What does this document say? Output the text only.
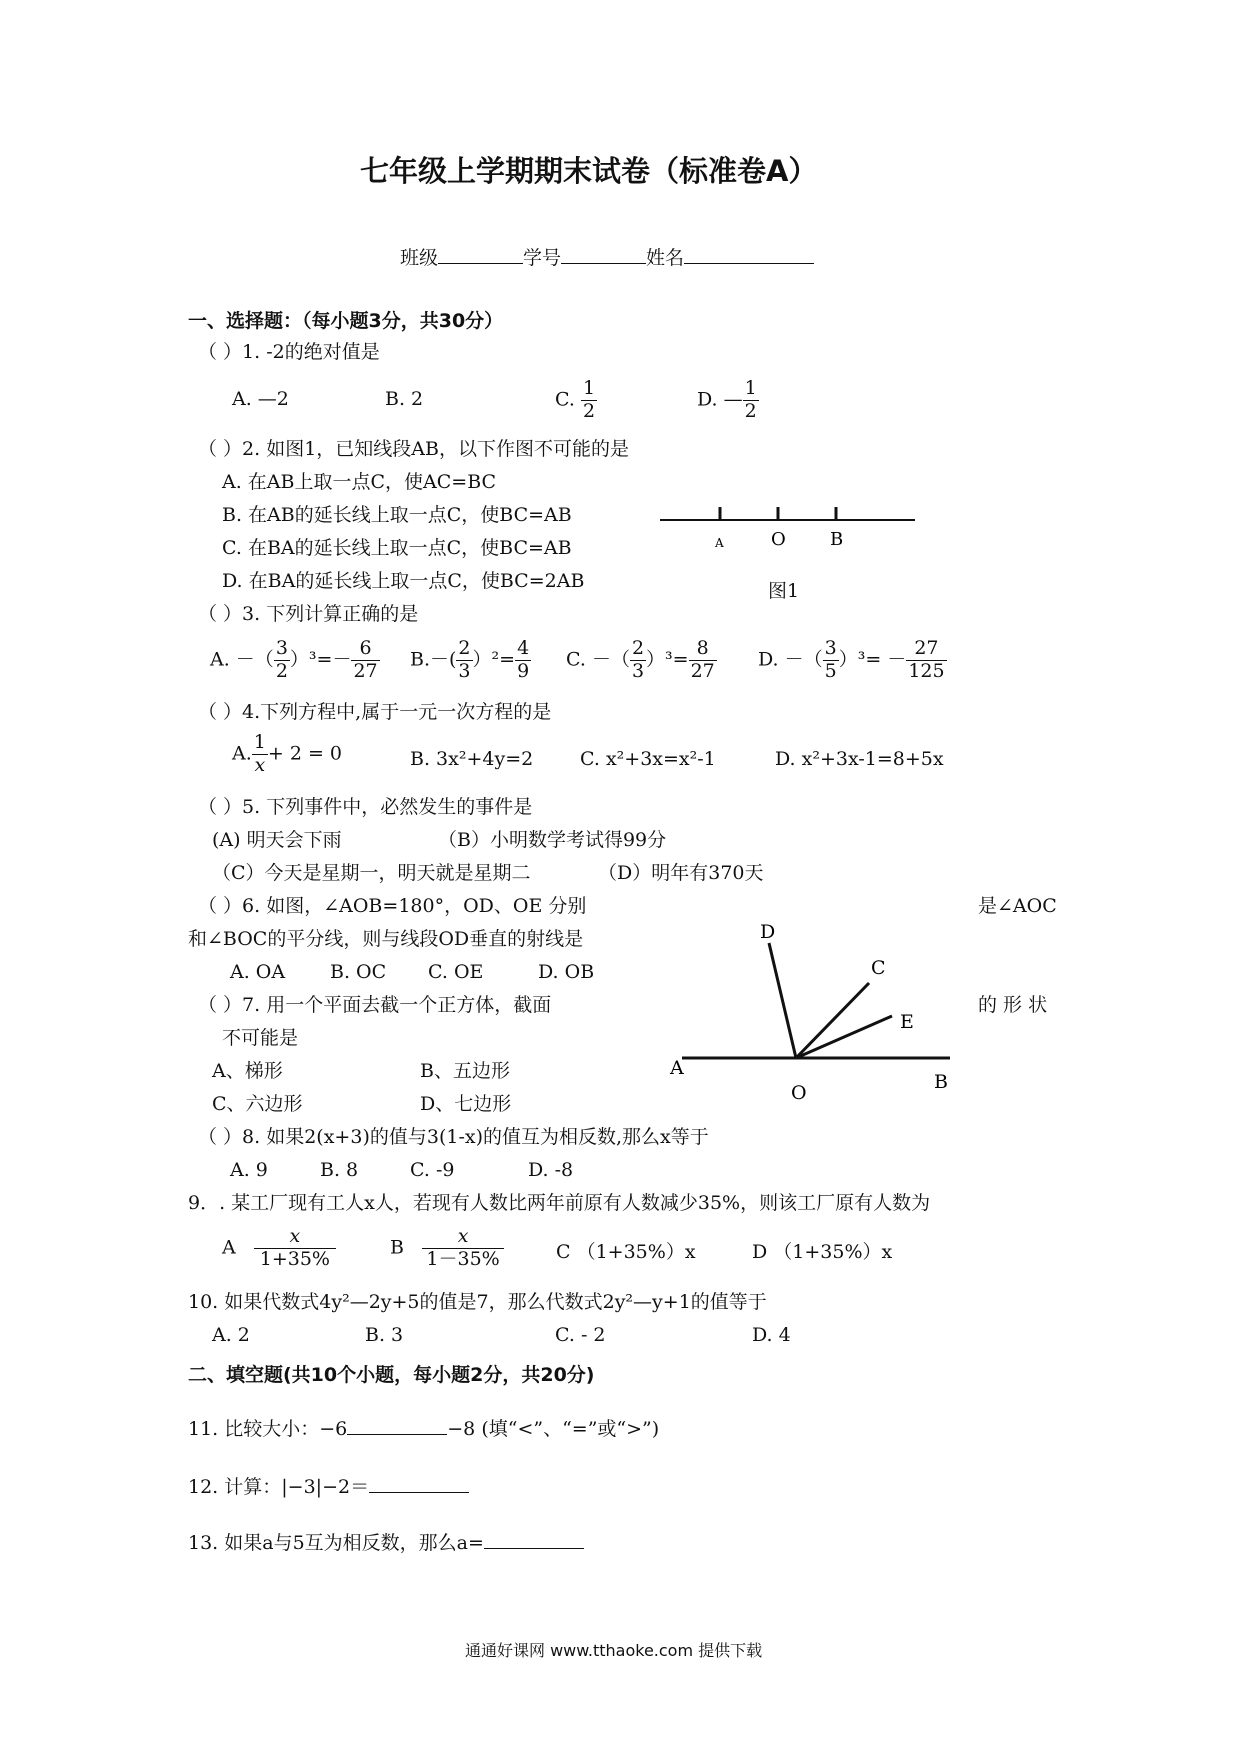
七年级上学期期末试卷（标准卷A）
班级	学号	姓名
一、选择题：（每小题3分，共30分）
（ ）1. -2的绝对值是
A. —2	B. 2	C. $\frac{1}{2}$	D. — $\frac{1}{2}$
（ ）2. 如图1，已知线段AB，以下作图不可能的是
A. 在AB上取一点C，使AC=BC
B. 在AB的延长线上取一点C，使BC=AB
C. 在BA的延长线上取一点C，使BC=AB
D. 在BA的延长线上取一点C，使BC=2AB
A	O B
图1
（ ）3. 下列计算正确的是
A. －（ $\frac{3}{2} )^3=- \frac{6}{27} B.-( \frac{2}{3} )^2= \frac{4}{9} C$. －（ $\frac{2}{3} )^3= \frac{8}{27} D$. －（ $\frac{3}{5} )^3= - \frac{27}{125}$
（ ）4.下列方程中,属于一元一次方程的是
A. $\frac{1}{x} + 2 = 0$	B. 3x²+4y=2 C. x²+3x=x²-1	D. x²+3x-1=8+5x
（ ）5. 下列事件中，必然发生的事件是
(A) 明天会下雨	（B）小明数学考试得99分
（C）今天是星期一，明天就是星期二	（D）明年有370天
（ ）6. 如图，∠AOB=180°，OD、OE 分别	是∠AOC
和∠BOC的平分线，则与线段OD垂直的射线是
A. OA B. OC C. OE	D. OB
D
C
E
A
O	B
（ ）7. 用一个平面去截一个正方体，截面	的 形 状
不可能是
A、梯形	B、五边形
C、六边形	D、七边形
（ ）8. 如果2(x+3)的值与3(1-x)的值互为相反数,那么x等于
A. 9	B. 8	C. -9	D. -8
9．. 某工厂现有工人x人，若现有人数比两年前原有人数减少35%，则该工厂原有人数为
A $\frac{x}{1+35\%}$	B $\frac{x}{1-35\%}$	C （1+35%）x	D （1+35%）x
10. 如果代数式4y²—2y+5的值是7，那么代数式2y²—y+1的值等于
A. 2	B. 3	C. - 2	D. 4
二、填空题(共10个小题，每小题2分，共20分)
11. 比较大小：−6	−8 (填“<”、“=”或“>”)
12. 计算：|−3|−2＝
13. 如果a与5互为相反数，那么a=
通通好课网 www.tthaoke.com 提供下载
